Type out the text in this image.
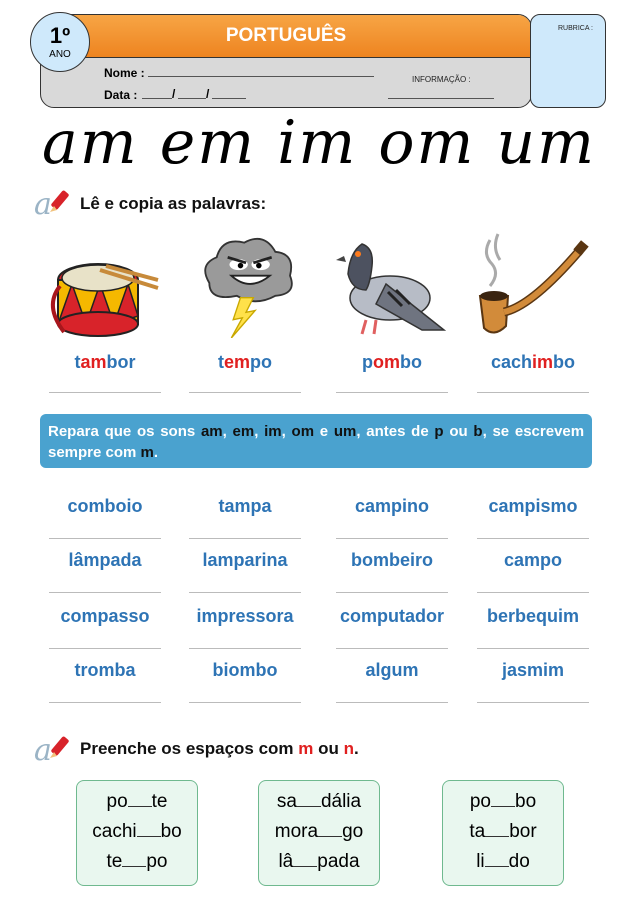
PORTUGUÊS
1º
ANO
Nome :
Data :	/	/
INFORMAÇÃO :
RUBRICA :
am em im om um
a Lê e copia as palavras:
tambor	tempo	pombo	cachimbo
Repara que os sons am, em, im, om e um, antes de p ou b, se escrevem sempre com m.
comboio	tampa	campino	campismo
lâmpada	lamparina	bombeiro	campo
compasso	impressora	computador	berbequim
tromba	biombo	algum	jasmim
a Preenche os espaços com m ou n.
po te
cachi bo
te po
sa dália
mora go
lâ pada
po bo
ta bor
li do
